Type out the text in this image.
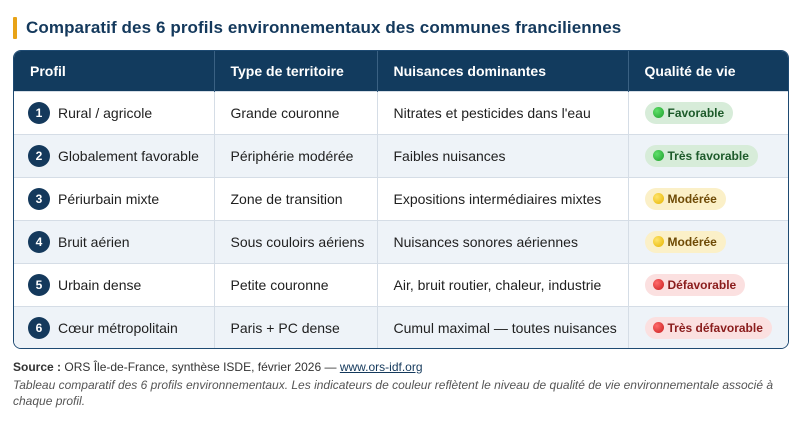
Comparatif des 6 profils environnementaux des communes franciliennes
Profil	Type de territoire	Nuisances dominantes	Qualité de vie
1 Rural / agricole	Grande couronne	Nitrates et pesticides dans l'eau	Favorable

2 Globalement favorable	Périphérie modérée	Faibles nuisances	Très favorable

3 Périurbain mixte	Zone de transition	Expositions intermédiaires mixtes	Modérée

4 Bruit aérien	Sous couloirs aériens	Nuisances sonores aériennes	Modérée

5 Urbain dense	Petite couronne	Air, bruit routier, chaleur, industrie	Défavorable

6 Cœur métropolitain	Paris + PC dense	Cumul maximal — toutes nuisances	Très défavorable
Source : ORS Île-de-France, synthèse ISDE, février 2026 — www.ors-idf.org
Tableau comparatif des 6 profils environnementaux. Les indicateurs de couleur reflètent le niveau de qualité de vie environnementale associé à chaque profil.
